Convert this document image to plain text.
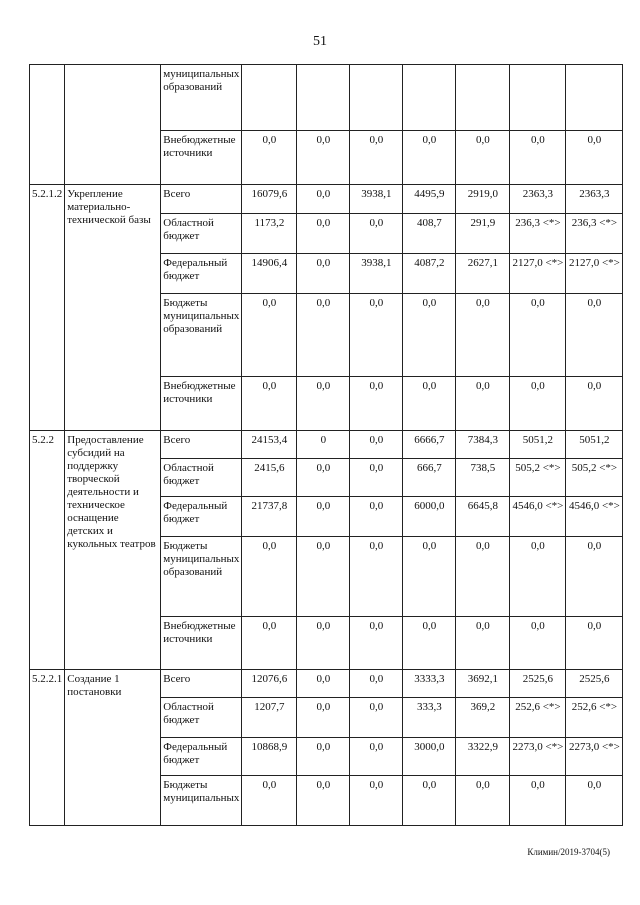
51
		муниципальных образований							
		Внебюджетные источники	0,0	0,0	0,0	0,0	0,0	0,0	0,0
5.2.1.2	Укрепление материально-технической базы	Всего	16079,6	0,0	3938,1	4495,9	2919,0	2363,3	2363,3
		Областной бюджет	1173,2	0,0	0,0	408,7	291,9	236,3 <*>	236,3 <*>
		Федеральный бюджет	14906,4	0,0	3938,1	4087,2	2627,1	2127,0 <*>	2127,0 <*>
		Бюджеты муниципальных образований	0,0	0,0	0,0	0,0	0,0	0,0	0,0
		Внебюджетные источники	0,0	0,0	0,0	0,0	0,0	0,0	0,0
5.2.2	Предоставление субсидий на поддержку творческой деятельности и техническое оснащение детских и кукольных театров	Всего	24153,4	0	0,0	6666,7	7384,3	5051,2	5051,2
		Областной бюджет	2415,6	0,0	0,0	666,7	738,5	505,2 <*>	505,2 <*>
		Федеральный бюджет	21737,8	0,0	0,0	6000,0	6645,8	4546,0 <*>	4546,0 <*>
		Бюджеты муниципальных образований	0,0	0,0	0,0	0,0	0,0	0,0	0,0
		Внебюджетные источники	0,0	0,0	0,0	0,0	0,0	0,0	0,0
5.2.2.1	Создание 1 постановки	Всего	12076,6	0,0	0,0	3333,3	3692,1	2525,6	2525,6
		Областной бюджет	1207,7	0,0	0,0	333,3	369,2	252,6 <*>	252,6 <*>
		Федеральный бюджет	10868,9	0,0	0,0	3000,0	3322,9	2273,0 <*>	2273,0 <*>
		Бюджеты муниципальных	0,0	0,0	0,0	0,0	0,0	0,0	0,0
Климин/2019-3704(5)
